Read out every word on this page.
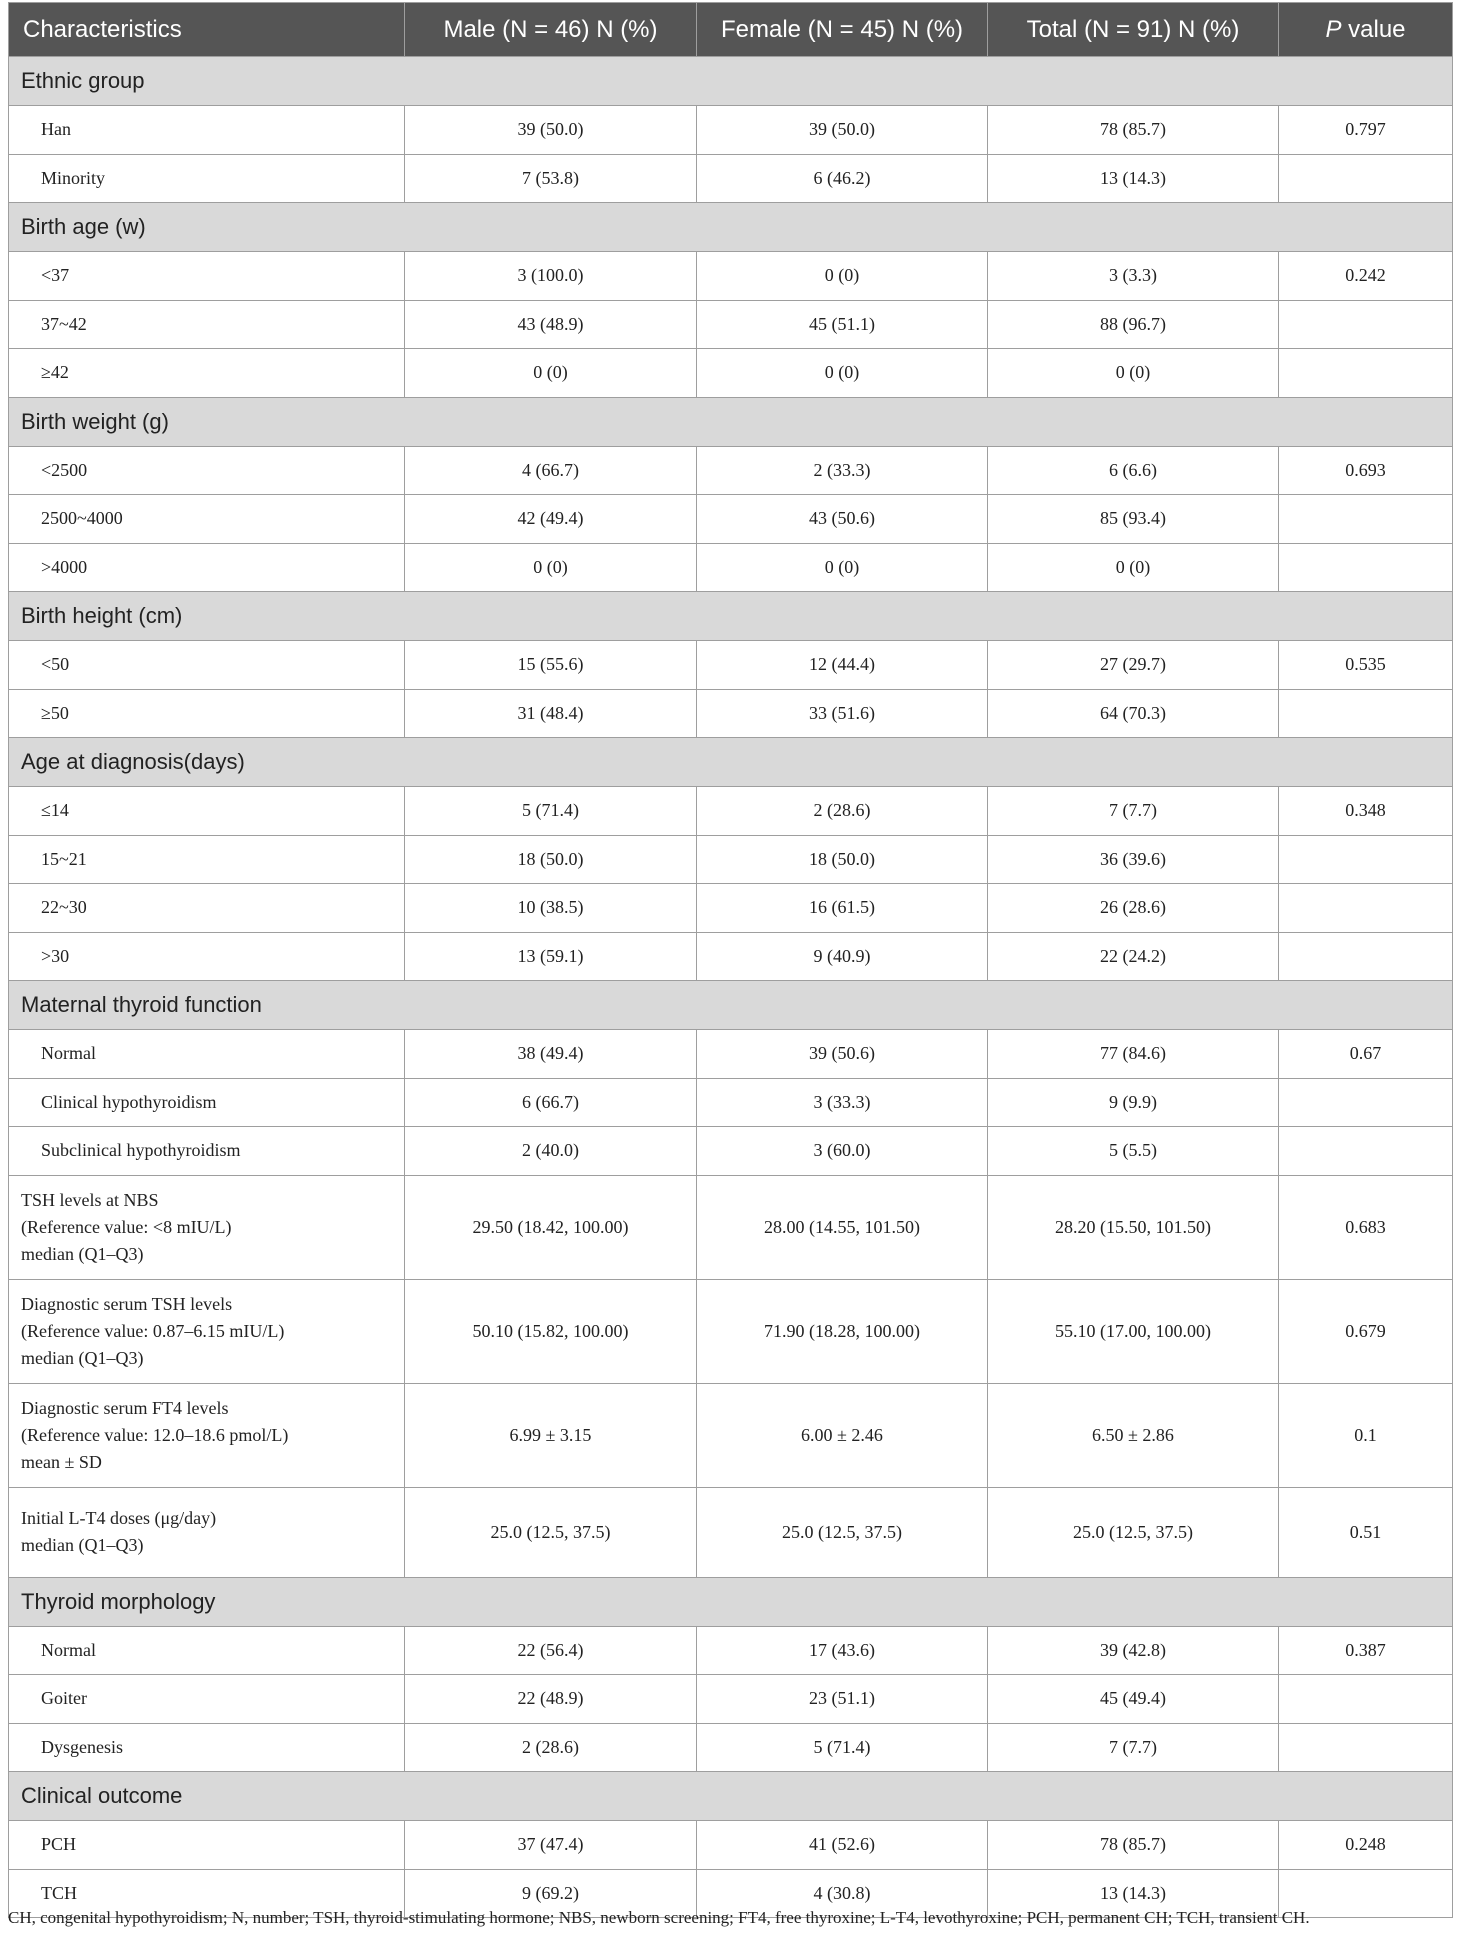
Characteristics	Male (N = 46) N (%)	Female (N = 45) N (%)	Total (N = 91) N (%)	P value
Ethnic group				
Han	39 (50.0)	39 (50.0)	78 (85.7)	0.797
Minority	7 (53.8)	6 (46.2)	13 (14.3)	
Birth age (w)				
<37	3 (100.0)	0 (0)	3 (3.3)	0.242
37~42	43 (48.9)	45 (51.1)	88 (96.7)	
≥42	0 (0)	0 (0)	0 (0)	
Birth weight (g)				
<2500	4 (66.7)	2 (33.3)	6 (6.6)	0.693
2500~4000	42 (49.4)	43 (50.6)	85 (93.4)	
>4000	0 (0)	0 (0)	0 (0)	
Birth height (cm)				
<50	15 (55.6)	12 (44.4)	27 (29.7)	0.535
≥50	31 (48.4)	33 (51.6)	64 (70.3)	
Age at diagnosis(days)				
≤14	5 (71.4)	2 (28.6)	7 (7.7)	0.348
15~21	18 (50.0)	18 (50.0)	36 (39.6)	
22~30	10 (38.5)	16 (61.5)	26 (28.6)	
>30	13 (59.1)	9 (40.9)	22 (24.2)	
Maternal thyroid function				
Normal	38 (49.4)	39 (50.6)	77 (84.6)	0.67
Clinical hypothyroidism	6 (66.7)	3 (33.3)	9 (9.9)	
Subclinical hypothyroidism	2 (40.0)	3 (60.0)	5 (5.5)	

TSH levels at NBS
(Reference value: <8 mIU/L)
median (Q1–Q3)	29.50 (18.42, 100.00)	28.00 (14.55, 101.50)	28.20 (15.50, 101.50)	0.683

Diagnostic serum TSH levels
(Reference value: 0.87–6.15 mIU/L)
median (Q1–Q3)	50.10 (15.82, 100.00)	71.90 (18.28, 100.00)	55.10 (17.00, 100.00)	0.679

Diagnostic serum FT4 levels
(Reference value: 12.0–18.6 pmol/L)
mean ± SD	6.99 ± 3.15	6.00 ± 2.46	6.50 ± 2.86	0.1

Initial L-T4 doses (μg/day)
median (Q1–Q3)	25.0 (12.5, 37.5)	25.0 (12.5, 37.5)	25.0 (12.5, 37.5)	0.51
Thyroid morphology				
Normal	22 (56.4)	17 (43.6)	39 (42.8)	0.387
Goiter	22 (48.9)	23 (51.1)	45 (49.4)	
Dysgenesis	2 (28.6)	5 (71.4)	7 (7.7)	
Clinical outcome				
PCH	37 (47.4)	41 (52.6)	78 (85.7)	0.248
TCH	9 (69.2)	4 (30.8)	13 (14.3)	
CH, congenital hypothyroidism; N, number; TSH, thyroid-stimulating hormone; NBS, newborn screening; FT4, free thyroxine; L-T4, levothyroxine; PCH, permanent CH; TCH, transient CH.
